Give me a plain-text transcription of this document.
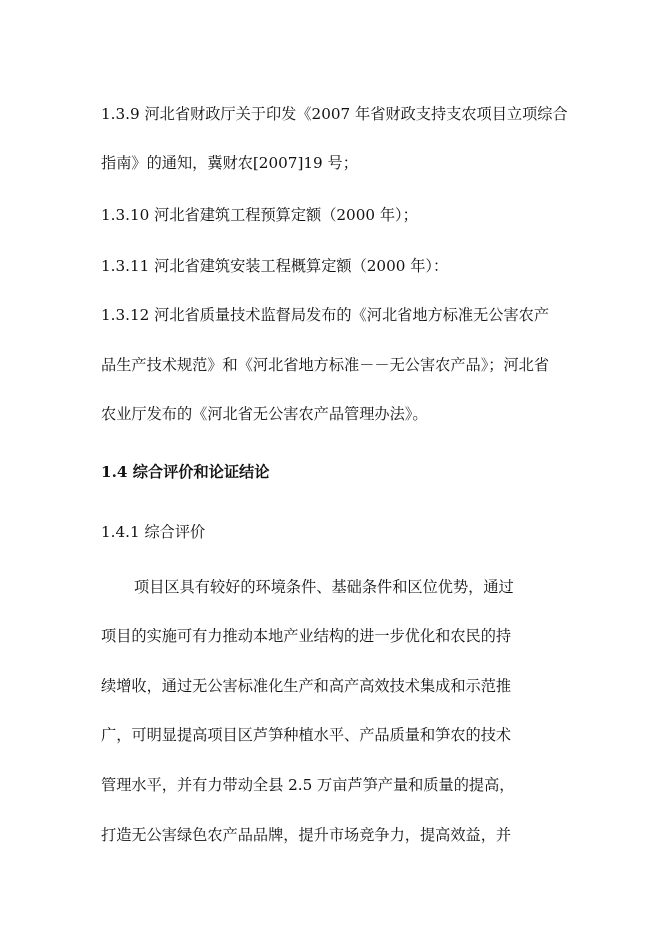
1.3.9 河北省财政厅关于印发《2007 年省财政支持支农项目立项综合
指南》的通知，冀财农[2007]19 号；
1.3.10 河北省建筑工程预算定额（2000 年）；
1.3.11 河北省建筑安装工程概算定额（2000 年）：
1.3.12 河北省质量技术监督局发布的《河北省地方标准无公害农产
品生产技术规范》和《河北省地方标准－－无公害农产品》；河北省
农业厅发布的《河北省无公害农产品管理办法》。
1.4 综合评价和论证结论
1.4.1 综合评价
项目区具有较好的环境条件、基础条件和区位优势，通过
项目的实施可有力推动本地产业结构的进一步优化和农民的持
续增收，通过无公害标准化生产和高产高效技术集成和示范推
广，可明显提高项目区芦笋种植水平、产品质量和笋农的技术
管理水平，并有力带动全县 2.5 万亩芦笋产量和质量的提高，
打造无公害绿色农产品品牌，提升市场竞争力，提高效益，并
